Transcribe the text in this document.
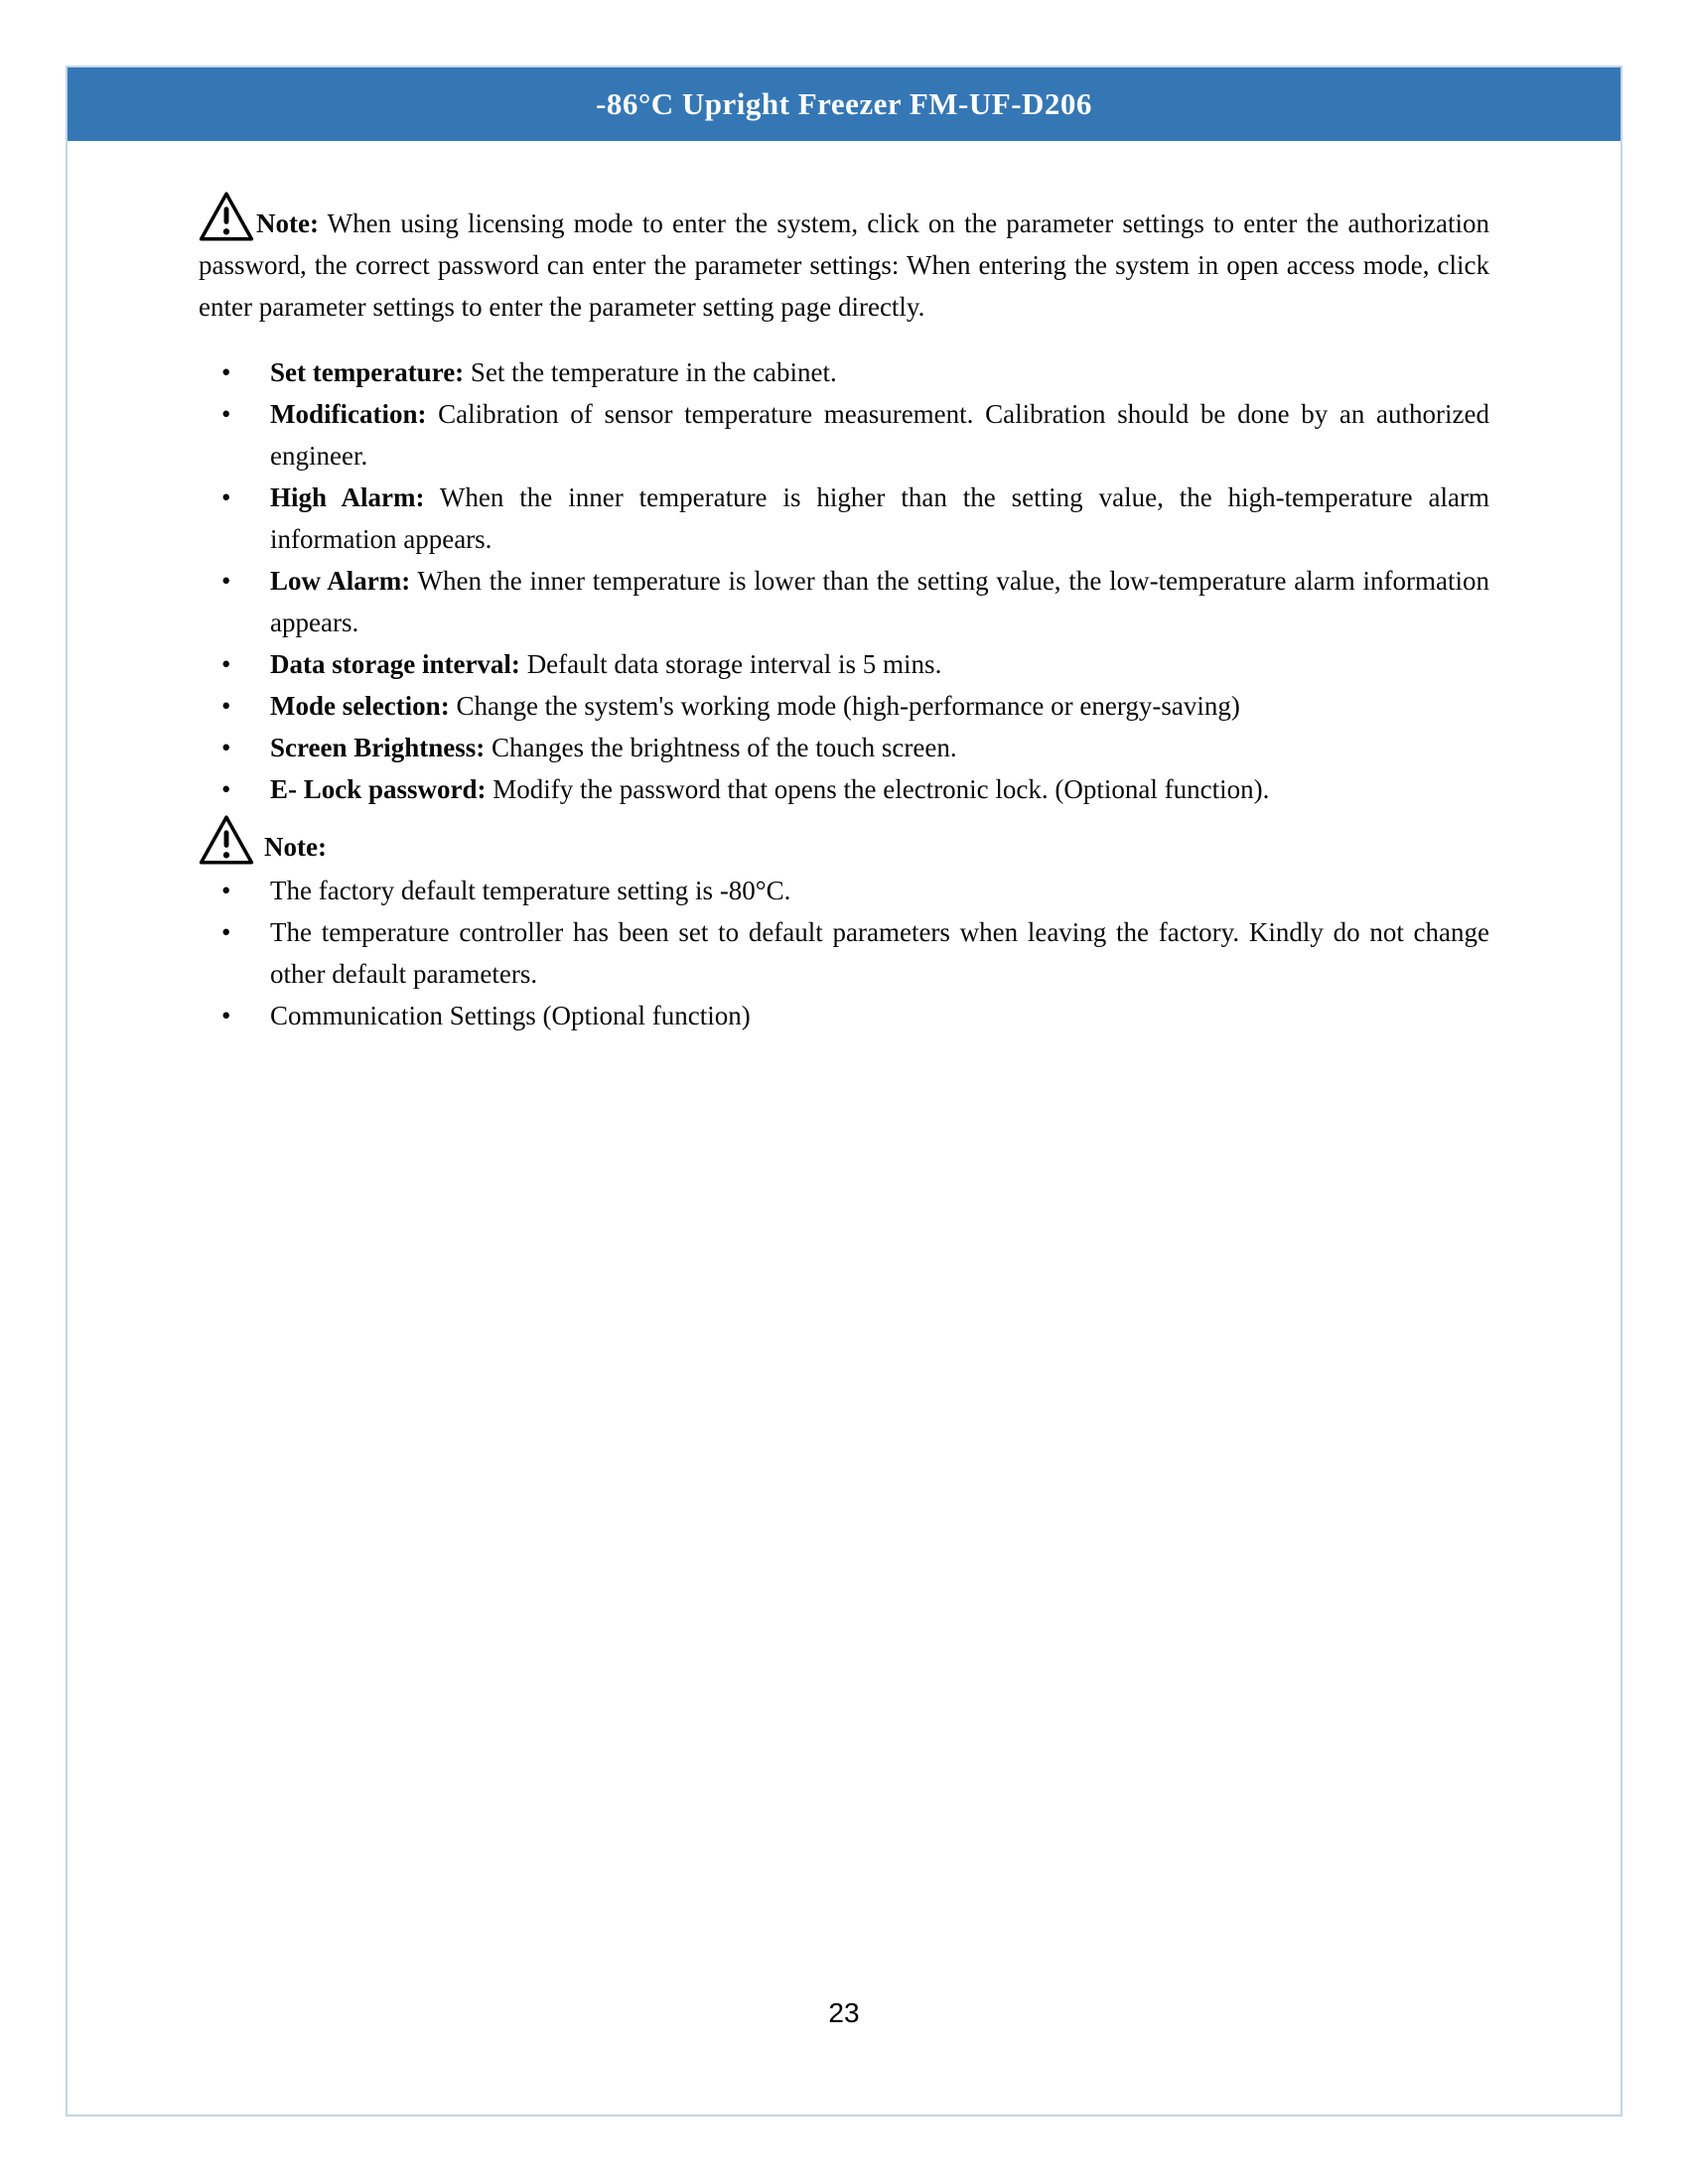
-86°C Upright Freezer FM-UF-D206

Note: When using licensing mode to enter the system, click on the parameter settings to enter the authorization password, the correct password can enter the parameter settings: When entering the system in open access mode, click enter parameter settings to enter the parameter setting page directly.

• Set temperature: Set the temperature in the cabinet.
• Modification: Calibration of sensor temperature measurement. Calibration should be done by an authorized engineer.
• High Alarm: When the inner temperature is higher than the setting value, the high-temperature alarm information appears.
• Low Alarm: When the inner temperature is lower than the setting value, the low-temperature alarm information appears.
• Data storage interval: Default data storage interval is 5 mins.
• Mode selection: Change the system's working mode (high-performance or energy-saving)
• Screen Brightness: Changes the brightness of the touch screen.
• E- Lock password: Modify the password that opens the electronic lock. (Optional function).

Note:

• The factory default temperature setting is -80°C.
• The temperature controller has been set to default parameters when leaving the factory. Kindly do not change other default parameters.
• Communication Settings (Optional function)
23
